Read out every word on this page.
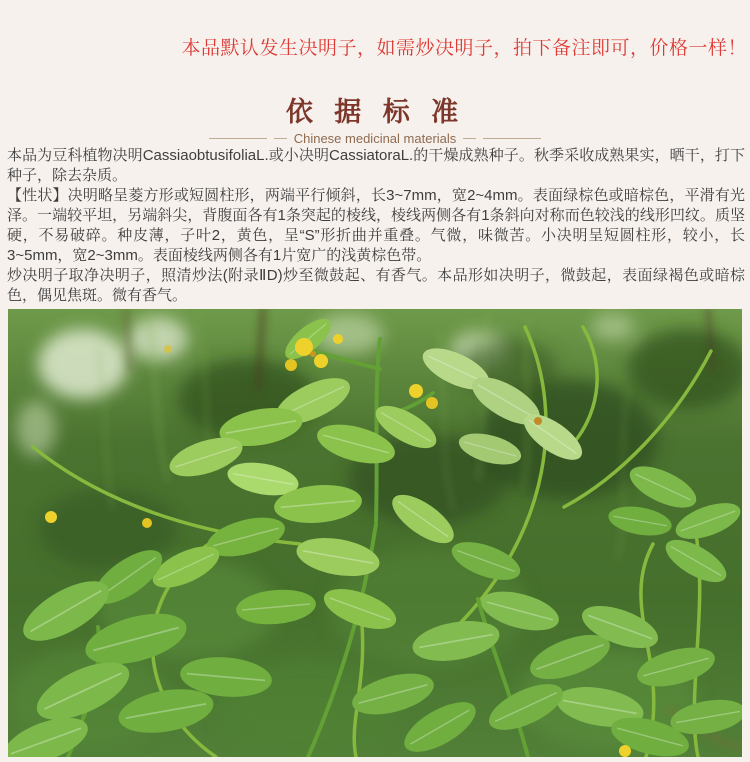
本品默认发生决明子，如需炒决明子，拍下备注即可，价格一样！
依 据 标 准
Chinese medicinal materials

本品为豆科植物决明CassiaobtusifoliaL.或小决明CassiatoraL.的干燥成熟种子。秋季采收成熟果实，晒干，打下种子，除去杂质。

【性状】决明略呈菱方形或短圆柱形，两端平行倾斜，长3~7mm，宽2~4mm。表面绿棕色或暗棕色，平滑有光泽。一端较平坦，另端斜尖，背腹面各有1条突起的棱线，棱线两侧各有1条斜向对称而色较浅的线形凹纹。质坚硬，不易破碎。种皮薄，子叶2，黄色，呈“S”形折曲并重叠。气微，味微苦。小决明呈短圆柱形，较小，长3~5mm，宽2~3mm。表面棱线两侧各有1片宽广的浅黄棕色带。

炒决明子取净决明子，照清炒法(附录ⅡD)炒至微鼓起、有香气。本品形如决明子，微鼓起，表面绿褐色或暗棕色，偶见焦斑。微有香气。
